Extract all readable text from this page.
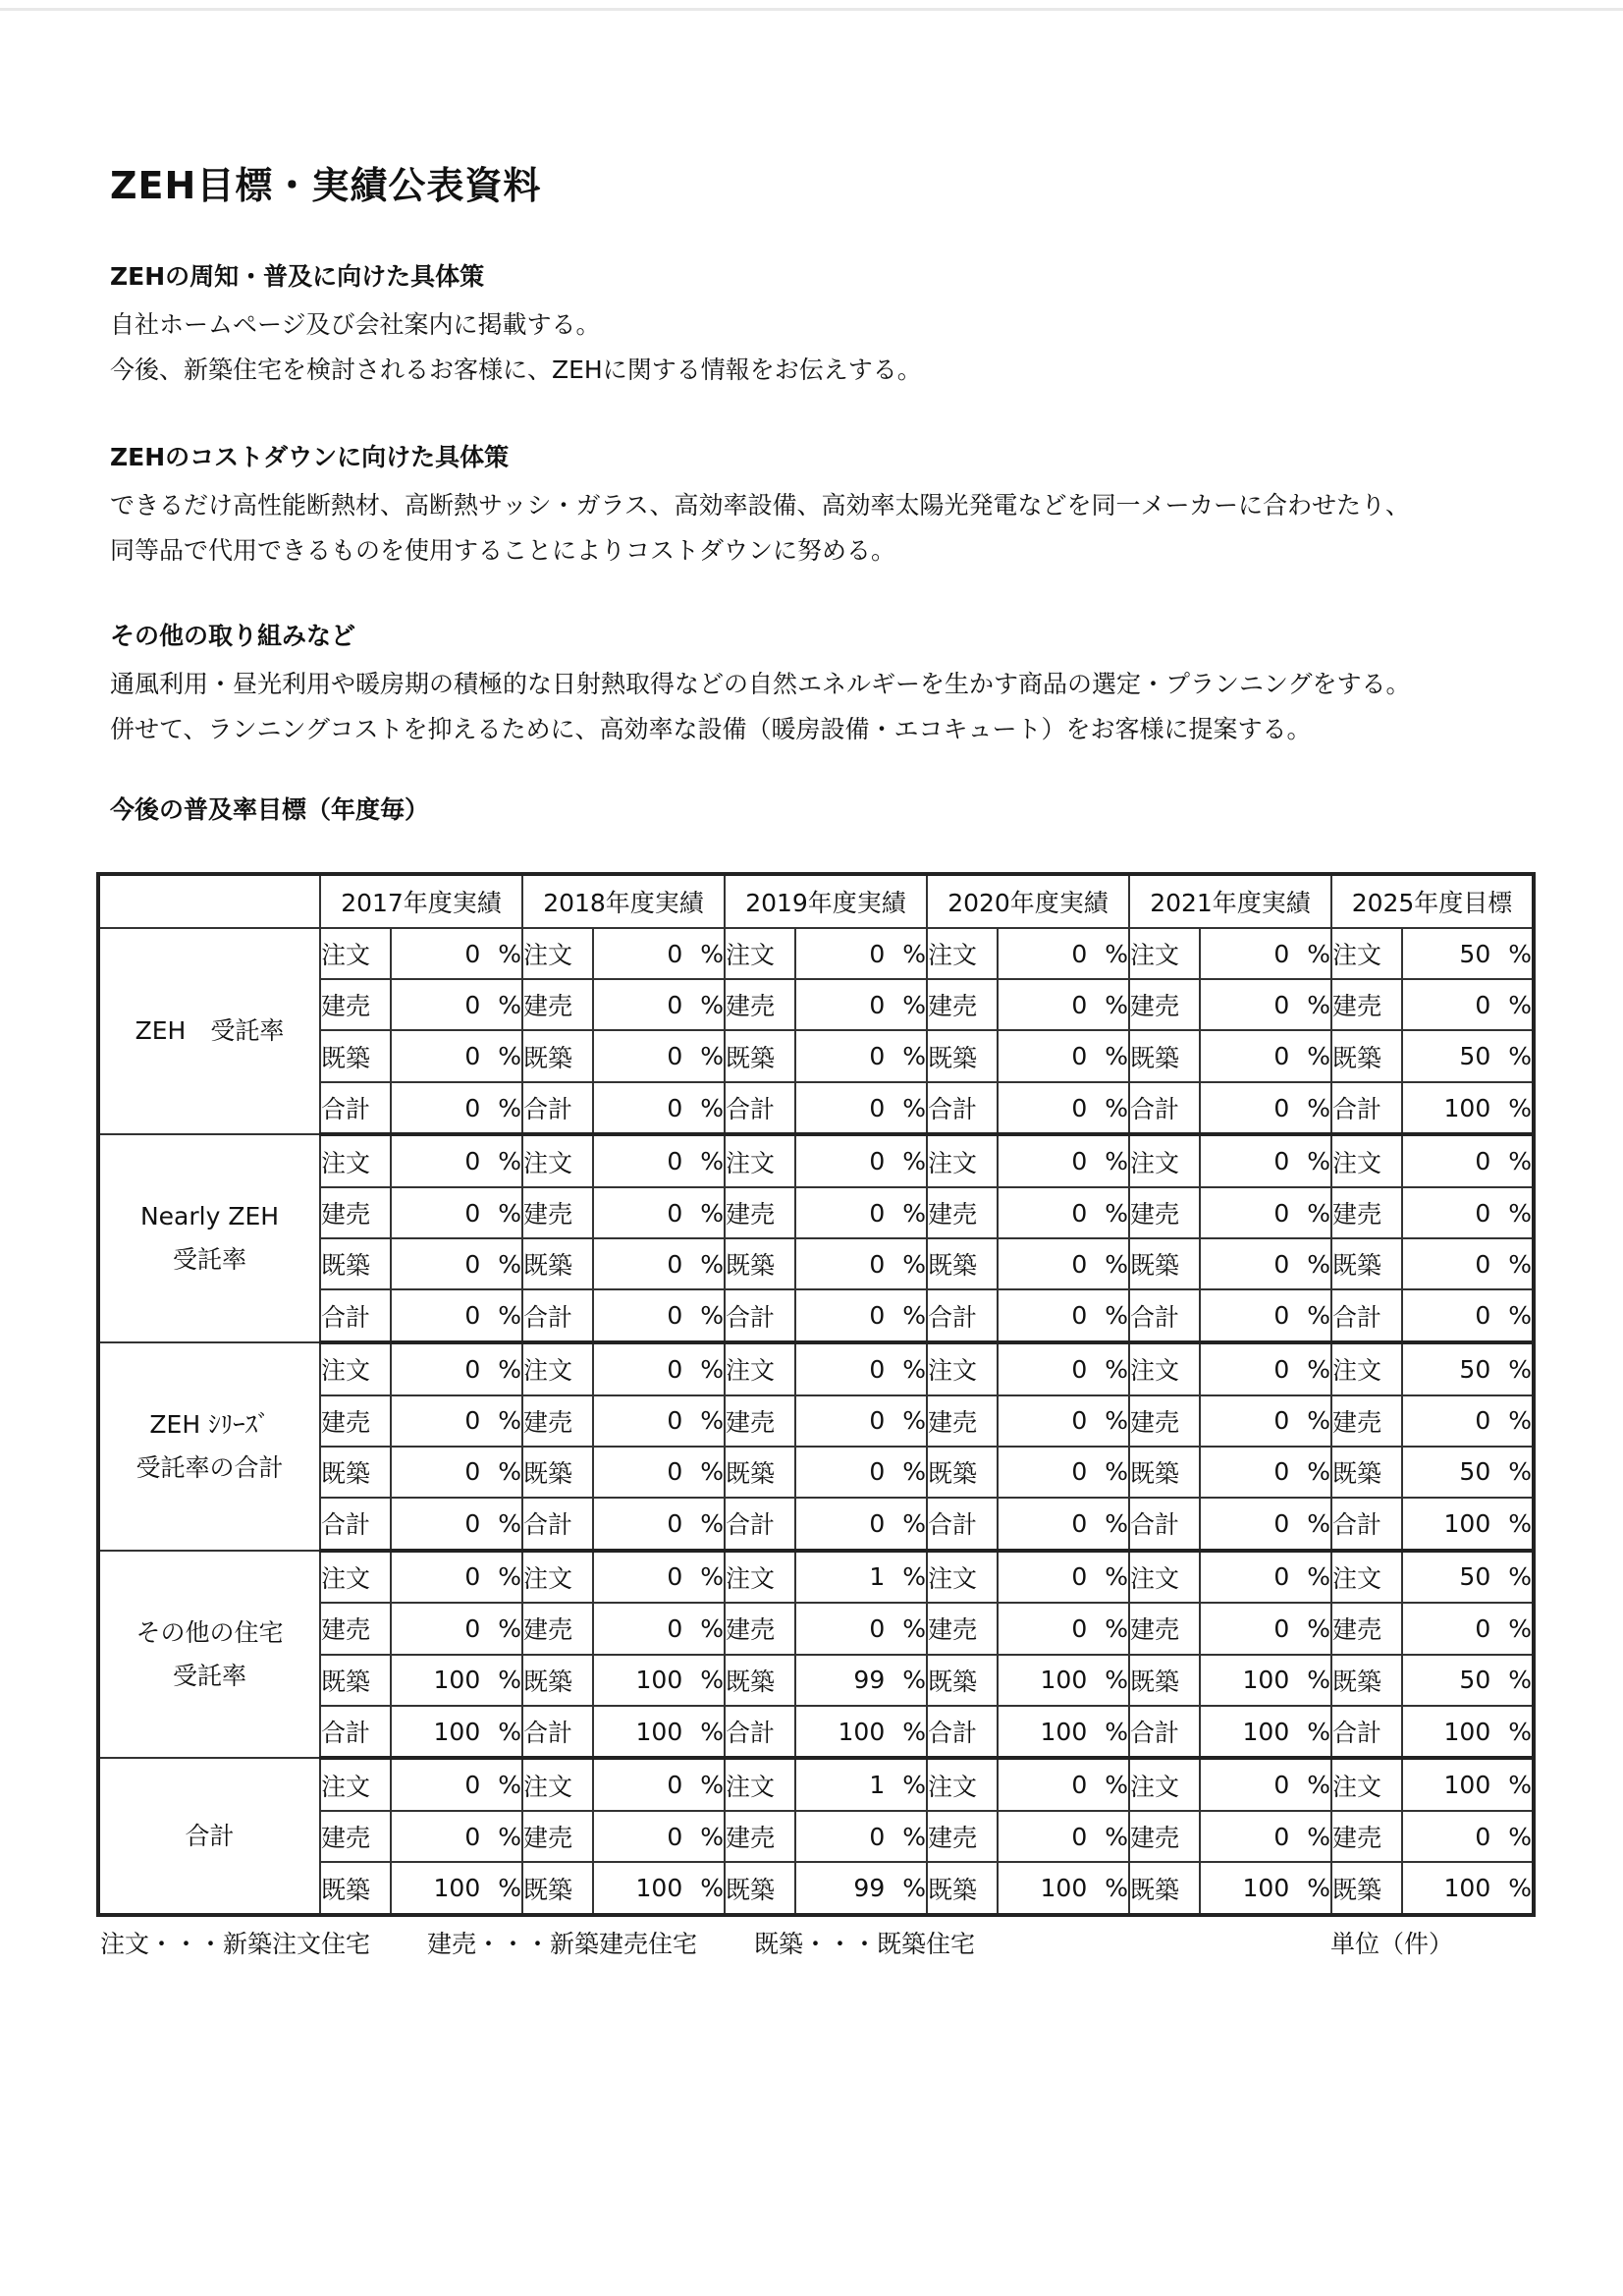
ZEH目標・実績公表資料
ZEHの周知・普及に向けた具体策
自社ホームページ及び会社案内に掲載する。
今後、新築住宅を検討されるお客様に、ZEHに関する情報をお伝えする。
ZEHのコストダウンに向けた具体策
できるだけ高性能断熱材、高断熱サッシ・ガラス、高効率設備、高効率太陽光発電などを同一メーカーに合わせたり、
同等品で代用できるものを使用することによりコストダウンに努める。
その他の取り組みなど
通風利用・昼光利用や暖房期の積極的な日射熱取得などの自然エネルギーを生かす商品の選定・プランニングをする。
併せて、ランニングコストを抑えるために、高効率な設備（暖房設備・エコキュート）をお客様に提案する。
今後の普及率目標（年度毎）
	2017年度実績		2018年度実績		2019年度実績		2020年度実績		2021年度実績		2025年度目標	
ZEH　受託率	注文	0 %	注文	0 %	注文	0 %	注文	0 %	注文	0 %	注文	50 %
	建売	0 %	建売	0 %	建売	0 %	建売	0 %	建売	0 %	建売	0 %
	既築	0 %	既築	0 %	既築	0 %	既築	0 %	既築	0 %	既築	50 %
	合計	0 %	合計	0 %	合計	0 %	合計	0 %	合計	0 %	合計	100 %
Nearly ZEH
受託率	注文	0 %	注文	0 %	注文	0 %	注文	0 %	注文	0 %	注文	0 %
	建売	0 %	建売	0 %	建売	0 %	建売	0 %	建売	0 %	建売	0 %
	既築	0 %	既築	0 %	既築	0 %	既築	0 %	既築	0 %	既築	0 %
	合計	0 %	合計	0 %	合計	0 %	合計	0 %	合計	0 %	合計	0 %
ZEH ｼﾘｰｽﾞ
受託率の合計	注文	0 %	注文	0 %	注文	0 %	注文	0 %	注文	0 %	注文	50 %
	建売	0 %	建売	0 %	建売	0 %	建売	0 %	建売	0 %	建売	0 %
	既築	0 %	既築	0 %	既築	0 %	既築	0 %	既築	0 %	既築	50 %
	合計	0 %	合計	0 %	合計	0 %	合計	0 %	合計	0 %	合計	100 %
その他の住宅
受託率	注文	0 %	注文	0 %	注文	1 %	注文	0 %	注文	0 %	注文	50 %
	建売	0 %	建売	0 %	建売	0 %	建売	0 %	建売	0 %	建売	0 %
	既築	100 %	既築	100 %	既築	99 %	既築	100 %	既築	100 %	既築	50 %
	合計	100 %	合計	100 %	合計	100 %	合計	100 %	合計	100 %	合計	100 %
合計	注文	0 %	注文	0 %	注文	1 %	注文	0 %	注文	0 %	注文	100 %
	建売	0 %	建売	0 %	建売	0 %	建売	0 %	建売	0 %	建売	0 %
	既築	100 %	既築	100 %	既築	99 %	既築	100 %	既築	100 %	既築	100 %
注文・・・新築注文住宅 建売・・・新築建売住宅 既築・・・既築住宅	単位（件）
